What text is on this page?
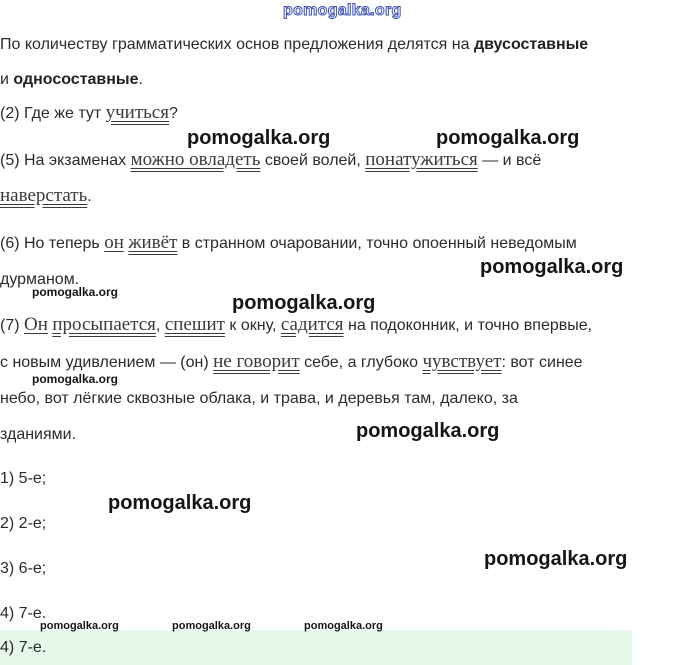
pomogalka.org
По количеству грамматических основ предложения делятся на двусоставные
и односоставные.
(2) Где же тут учиться?
(5) На экзаменах можно овладеть своей волей, понатужиться — и всё
наверстать.
(6) Но теперь он живёт в странном очаровании, точно опоенный неведомым
дурманом.
(7) Он просыпается, спешит к окну, садится на подоконник, и точно впервые,
с новым удивлением — (он) не говорит себе, а глубоко чувствует: вот синее
небо, вот лёгкие сквозные облака, и трава, и деревья там, далеко, за
зданиями.
1) 5-е;
2) 2-е;
3) 6-е;
4) 7-е.
4) 7-е.
pomogalka.org	pomogalka.org
pomogalka.org
pomogalka.org	pomogalka.org
pomogalka.org
pomogalka.org
pomogalka.org
pomogalka.org
pomogalka.org	pomogalka.org	pomogalka.org
